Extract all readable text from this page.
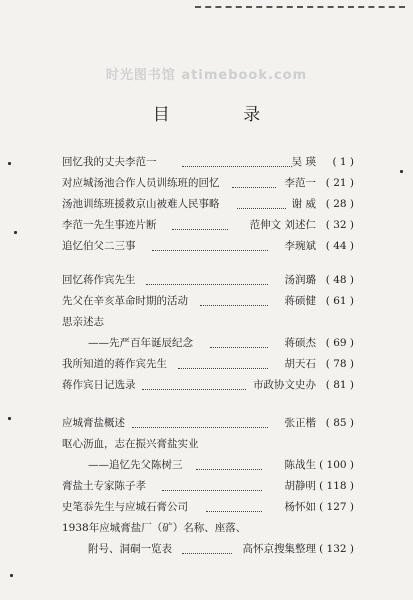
时光图书馆 atimebook.com
目 录
回忆我的丈夫李范一	吴 瑛 ( 1 )
对应城汤池合作人员训练班的回忆	李范一 ( 21 )
汤池训练班援救京山被难人民事略	谢 威 ( 28 )
李范一先生事迹片断	范伸文 刘述仁 ( 32 )
追忆伯父二三事	李琬斌 ( 44 )
回忆蒋作宾先生	汤润璐 ( 48 )
先父在辛亥革命时期的活动	蒋硕健 ( 61 )
思亲述志
——先严百年诞辰纪念	蒋硕杰 ( 69 )
我所知道的蒋作宾先生	胡天石 ( 78 )
蒋作宾日记选录	市政协文史办 ( 81 )
应城膏盐概述	张正楷 ( 85 )
呕心沥血，志在振兴膏盐实业
——追忆先父陈树三	陈战生 ( 100 )
膏盐土专家陈子孝	胡静明 ( 118 )
史笔忝先生与应城石膏公司	杨怀如 ( 127 )
1938年应城膏盐厂（矿）名称、座落、
附号、洞硐一览表	高怀京搜集整理 ( 132 )
